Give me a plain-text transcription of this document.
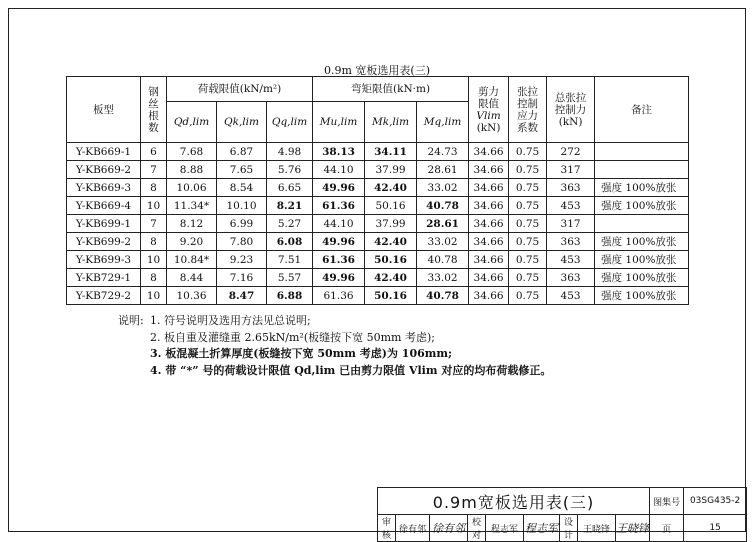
0.9m 宽板选用表(三)
板型	钢
丝
根
数	荷载限值(kN/m²)			弯矩限值(kN·m)			剪力
限值
Vlim
(kN)	张拉
控制
应力
系数	总张拉
控制力
(kN)	备注
		Qd,lim	Qk,lim	Qq,lim	Mu,lim	Mk,lim	Mq,lim				
Y-KB669-1	6	7.68	6.87	4.98	38.13	34.11	24.73	34.66	0.75	272	
Y-KB669-2	7	8.88	7.65	5.76	44.10	37.99	28.61	34.66	0.75	317	
Y-KB669-3	8	10.06	8.54	6.65	49.96	42.40	33.02	34.66	0.75	363	强度 100%放张
Y-KB669-4	10	11.34*	10.10	8.21	61.36	50.16	40.78	34.66	0.75	453	强度 100%放张
Y-KB699-1	7	8.12	6.99	5.27	44.10	37.99	28.61	34.66	0.75	317	
Y-KB699-2	8	9.20	7.80	6.08	49.96	42.40	33.02	34.66	0.75	363	强度 100%放张
Y-KB699-3	10	10.84*	9.23	7.51	61.36	50.16	40.78	34.66	0.75	453	强度 100%放张
Y-KB729-1	8	8.44	7.16	5.57	49.96	42.40	33.02	34.66	0.75	363	强度 100%放张
Y-KB729-2	10	10.36	8.47	6.88	61.36	50.16	40.78	34.66	0.75	453	强度 100%放张
说明: 1. 符号说明及选用方法见总说明;
2. 板自重及灌缝重 2.65kN/m²(板缝按下宽 50mm 考虑);
3. 板混凝土折算厚度(板缝按下宽 50mm 考虑)为 106mm;
4. 带 “*” 号的荷载设计限值 Qd,lim 已由剪力限值 Vlim 对应的均布荷载修正。
0.9m宽板选用表(三)									图集号	03SG435-2
审核	徐有邻	徐有邻	校对	程志军	程志军	设计	王晓锋	王晓锋	页	15
